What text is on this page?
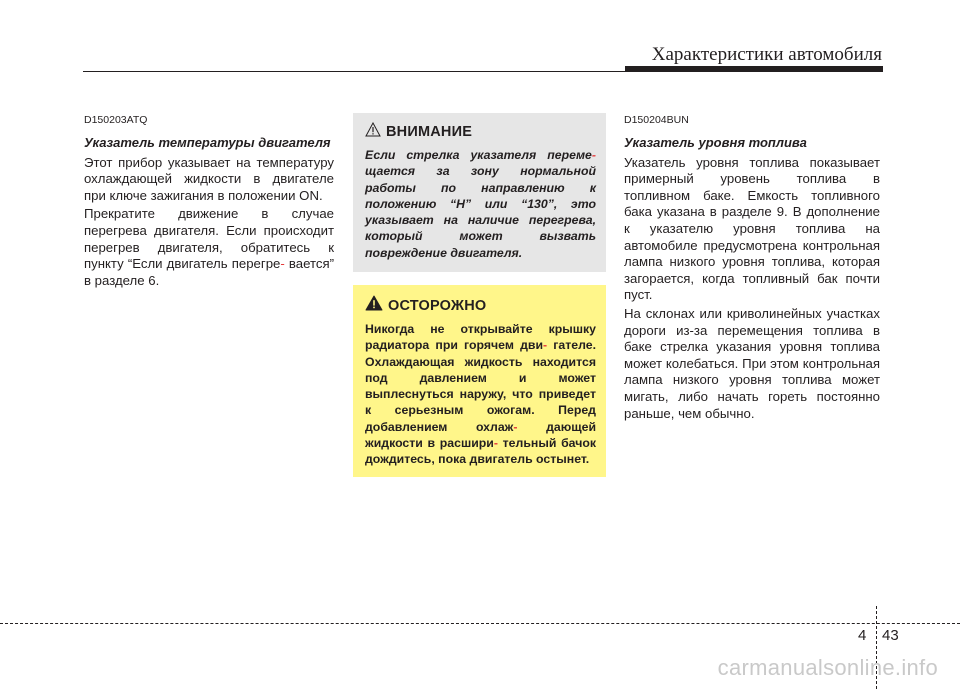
Характеристики автомобиля

D150203ATQ

Указатель температуры двигателя

Этот прибор указывает на температуру охлаждающей жидкости в двигателе при ключе зажигания в положении ON.

Прекратите движение в случае перегрева двигателя. Если происходит перегрев двигателя, обратитесь к пункту “Если двигатель перегре- вается” в разделе 6.

ВНИМАНИЕ
Если стрелка указателя переме- щается за зону нормальной работы по направлению к положению “H” или “130”, это указывает на наличие перегрева, который может вызвать повреждение двигателя.
ОСТОРОЖНО
Никогда не открывайте крышку радиатора при горячем дви- гателе. Охлаждающая жидкость находится под давлением и может выплеснуться наружу, что приведет к серьезным ожогам. Перед добавлением охлаж- дающей жидкости в расшири- тельный бачок дождитесь, пока двигатель остынет.

D150204BUN

Указатель уровня топлива

Указатель уровня топлива показывает примерный уровень топлива в топливном баке. Емкость топливного бака указана в разделе 9. В дополнение к указателю уровня топлива на автомобиле предусмотрена контрольная лампа низкого уровня топлива, которая загорается, когда топливный бак почти пуст.

На склонах или криволинейных участках дороги из-за перемещения топлива в баке стрелка указания уровня топлива может колебаться. При этом контрольная лампа низкого уровня топлива может мигать, либо начать гореть постоянно раньше, чем обычно.

4 43
carmanualsonline.info
